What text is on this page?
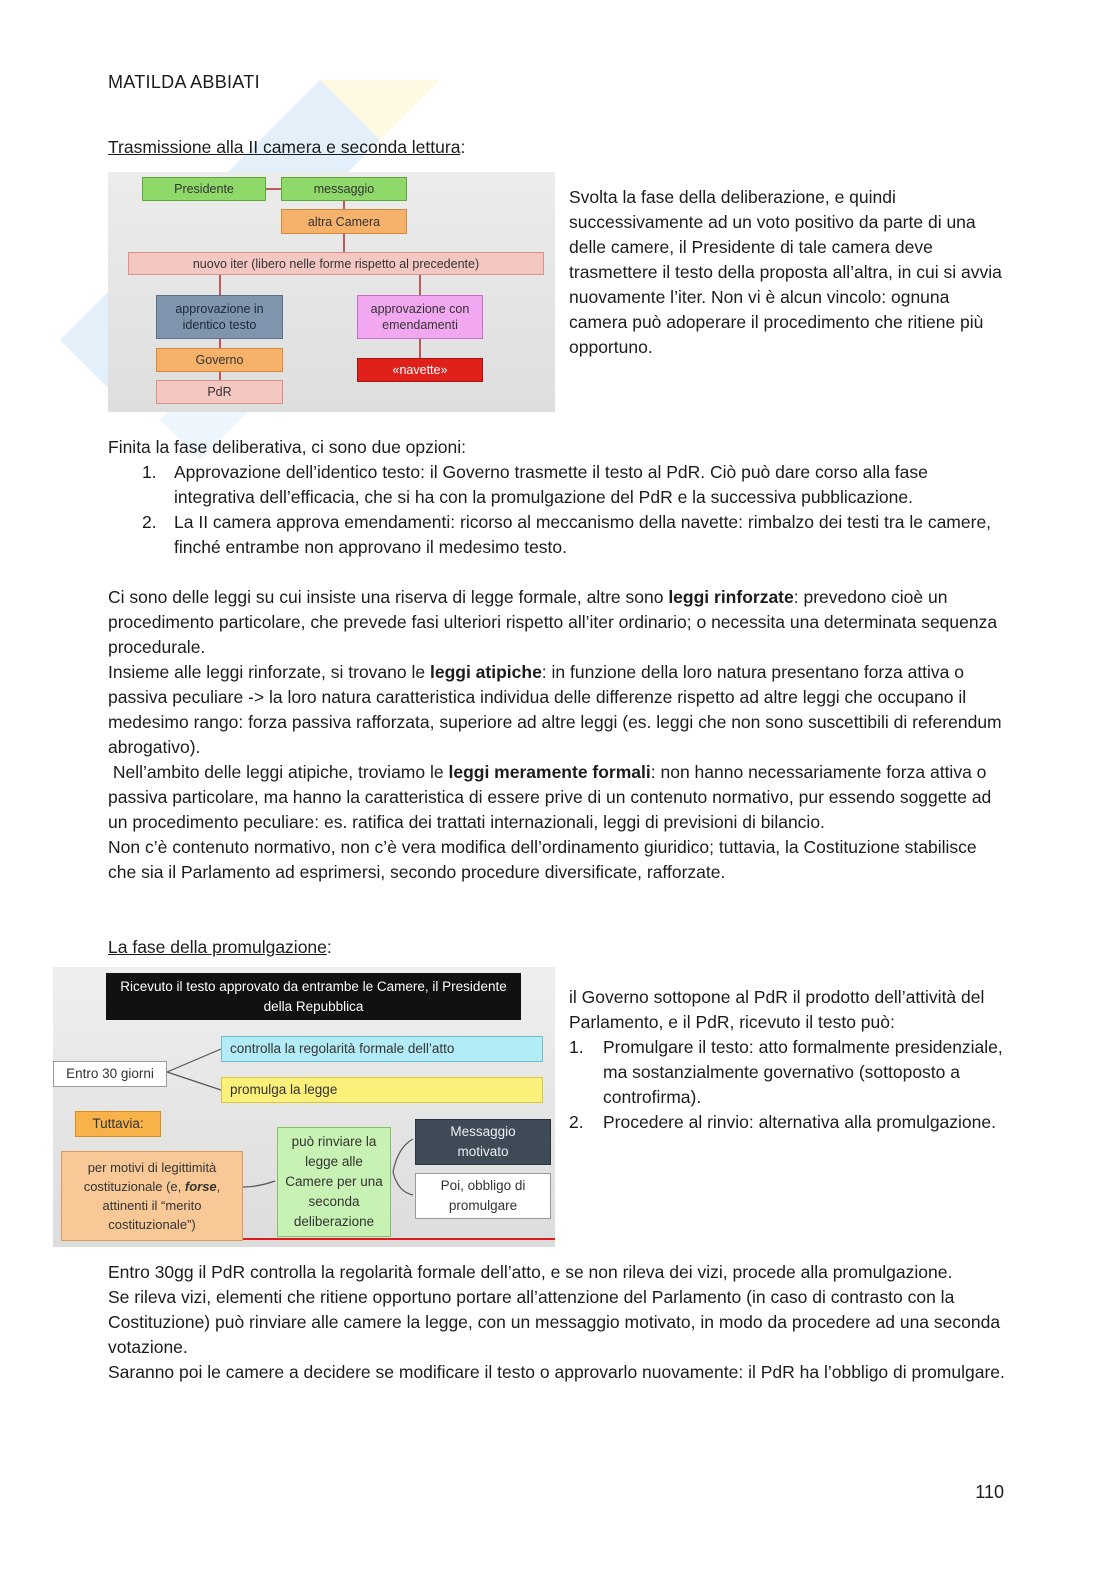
MATILDA ABBIATI
Trasmissione alla II camera e seconda lettura:
Presidente	messaggio
altra Camera
nuovo iter (libero nelle forme rispetto al precedente)
approvazione in identico testo
approvazione con emendamenti
Governo
PdR
«navette»
Svolta la fase della deliberazione, e quindi successivamente ad un voto positivo da parte di una delle camere, il Presidente di tale camera deve trasmettere il testo della proposta all’altra, in cui si avvia nuovamente l’iter. Non vi è alcun vincolo: ognuna camera può adoperare il procedimento che ritiene più opportuno.
Finita la fase deliberativa, ci sono due opzioni:
1. Approvazione dell’identico testo: il Governo trasmette il testo al PdR. Ciò può dare corso alla fase integrativa dell’efficacia, che si ha con la promulgazione del PdR e la successiva pubblicazione.
2. La II camera approva emendamenti: ricorso al meccanismo della navette: rimbalzo dei testi tra le camere, finché entrambe non approvano il medesimo testo.
Ci sono delle leggi su cui insiste una riserva di legge formale, altre sono leggi rinforzate: prevedono cioè un procedimento particolare, che prevede fasi ulteriori rispetto all’iter ordinario; o necessita una determinata sequenza procedurale.
Insieme alle leggi rinforzate, si trovano le leggi atipiche: in funzione della loro natura presentano forza attiva o passiva peculiare -> la loro natura caratteristica individua delle differenze rispetto ad altre leggi che occupano il medesimo rango: forza passiva rafforzata, superiore ad altre leggi (es. leggi che non sono suscettibili di referendum abrogativo).
Nell’ambito delle leggi atipiche, troviamo le leggi meramente formali: non hanno necessariamente forza attiva o passiva particolare, ma hanno la caratteristica di essere prive di un contenuto normativo, pur essendo soggette ad un procedimento peculiare: es. ratifica dei trattati internazionali, leggi di previsioni di bilancio.
Non c’è contenuto normativo, non c’è vera modifica dell’ordinamento giuridico; tuttavia, la Costituzione stabilisce che sia il Parlamento ad esprimersi, secondo procedure diversificate, rafforzate.
La fase della promulgazione:
Ricevuto il testo approvato da entrambe le Camere, il Presidente della Repubblica
Entro 30 giorni
controlla la regolarità formale dell’atto
promulga la legge
Tuttavia:
per motivi di legittimità costituzionale (e, forse, attinenti il “merito costituzionale”)
può rinviare la legge alle Camere per una seconda deliberazione
Messaggio motivato
Poi, obbligo di promulgare
il Governo sottopone al PdR il prodotto dell’attività del Parlamento, e il PdR, ricevuto il testo può:
1. Promulgare il testo: atto formalmente presidenziale, ma sostanzialmente governativo (sottoposto a controfirma).
2. Procedere al rinvio: alternativa alla promulgazione.
Entro 30gg il PdR controlla la regolarità formale dell’atto, e se non rileva dei vizi, procede alla promulgazione.
Se rileva vizi, elementi che ritiene opportuno portare all’attenzione del Parlamento (in caso di contrasto con la Costituzione) può rinviare alle camere la legge, con un messaggio motivato, in modo da procedere ad una seconda votazione.
Saranno poi le camere a decidere se modificare il testo o approvarlo nuovamente: il PdR ha l’obbligo di promulgare.
110
